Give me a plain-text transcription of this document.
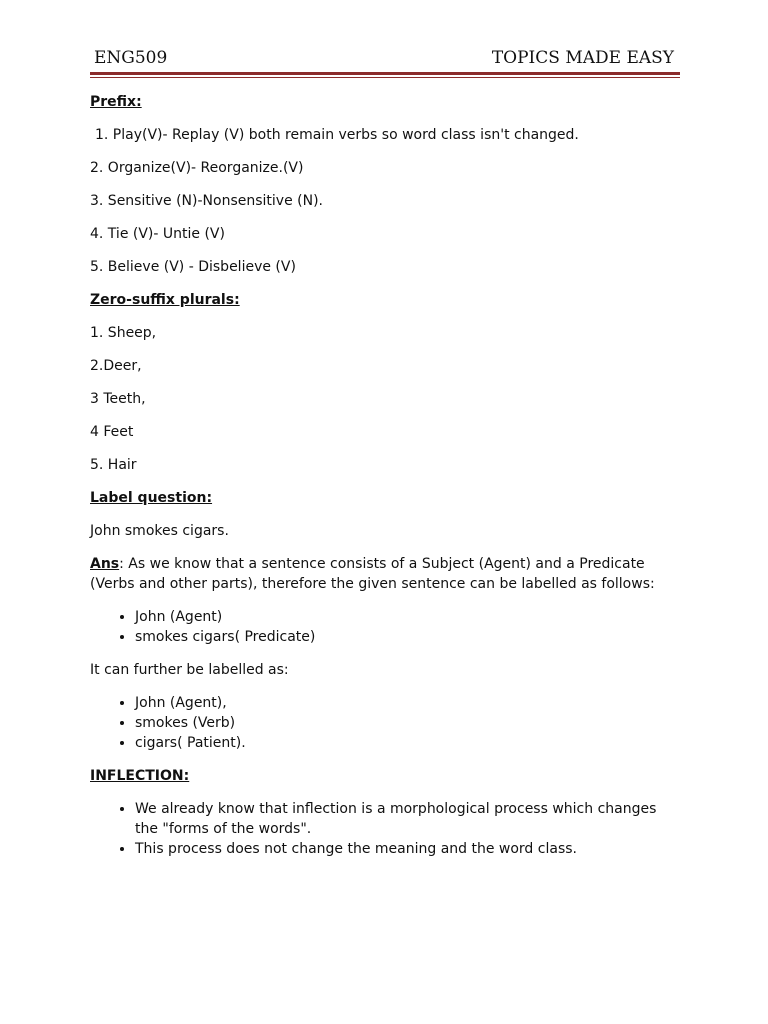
ENG509	TOPICS MADE EASY
Prefix:
1. Play(V)- Replay (V) both remain verbs so word class isn't changed.
2. Organize(V)- Reorganize.(V)
3. Sensitive (N)-Nonsensitive (N).
4. Tie (V)- Untie (V)
5. Believe (V) - Disbelieve (V)
Zero-suffix plurals:
1. Sheep,
2.Deer,
3 Teeth,
4 Feet
5. Hair
Label question:
John smokes cigars.
Ans: As we know that a sentence consists of a Subject (Agent) and a Predicate (Verbs and other parts), therefore the given sentence can be labelled as follows:
• John (Agent)
• smokes cigars( Predicate)
It can further be labelled as:
• John (Agent),
• smokes (Verb)
• cigars( Patient).
INFLECTION:
• We already know that inflection is a morphological process which changes the "forms of the words".
• This process does not change the meaning and the word class.
